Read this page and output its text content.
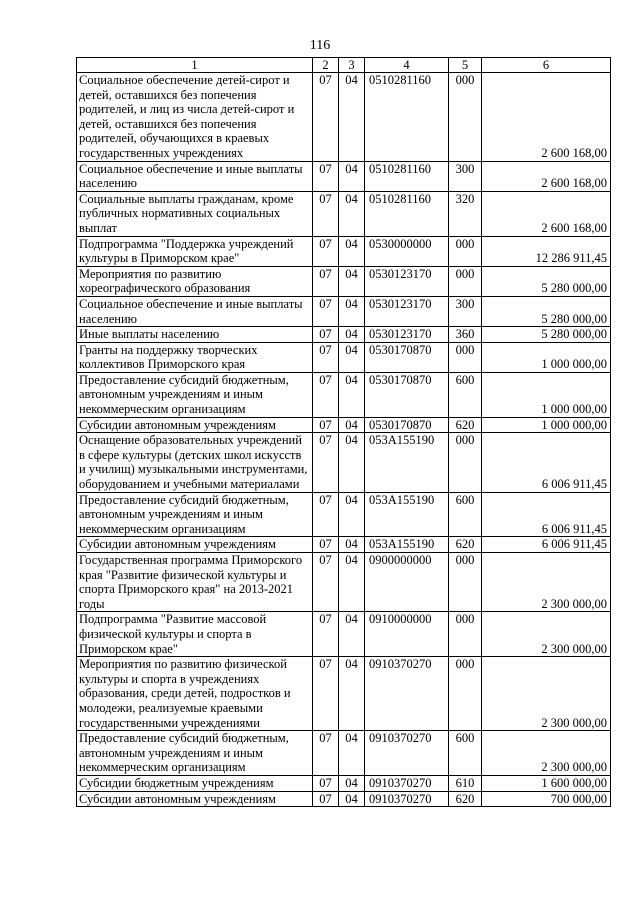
116
1	2	3	4	5	6
Социальное обеспечение детей-сирот и детей, оставшихся без попечения родителей, и лиц из числа детей-сирот и детей, оставшихся без попечения родителей, обучающихся в краевых государственных учреждениях	07	04	0510281160	000	2 600 168,00
Социальное обеспечение и иные выплаты населению	07	04	0510281160	300	2 600 168,00
Социальные выплаты гражданам, кроме публичных нормативных социальных выплат	07	04	0510281160	320	2 600 168,00
Подпрограмма "Поддержка учреждений культуры в Приморском крае"	07	04	0530000000	000	12 286 911,45
Мероприятия по развитию хореографического образования	07	04	0530123170	000	5 280 000,00
Социальное обеспечение и иные выплаты населению	07	04	0530123170	300	5 280 000,00
Иные выплаты населению	07	04	0530123170	360	5 280 000,00
Гранты на поддержку творческих коллективов Приморского края	07	04	0530170870	000	1 000 000,00
Предоставление субсидий бюджетным, автономным учреждениям и иным некоммерческим организациям	07	04	0530170870	600	1 000 000,00
Субсидии автономным учреждениям	07	04	0530170870	620	1 000 000,00
Оснащение образовательных учреждений в сфере культуры (детских школ искусств и училищ) музыкальными инструментами, оборудованием и учебными материалами	07	04	053A155190	000	6 006 911,45
Предоставление субсидий бюджетным, автономным учреждениям и иным некоммерческим организациям	07	04	053A155190	600	6 006 911,45
Субсидии автономным учреждениям	07	04	053A155190	620	6 006 911,45
Государственная программа Приморского края "Развитие физической культуры и спорта Приморского края" на 2013-2021 годы	07	04	0900000000	000	2 300 000,00
Подпрограмма "Развитие массовой физической культуры и спорта в Приморском крае"	07	04	0910000000	000	2 300 000,00
Мероприятия по развитию физической культуры и спорта в учреждениях образования, среди детей, подростков и молодежи, реализуемые краевыми государственными учреждениями	07	04	0910370270	000	2 300 000,00
Предоставление субсидий бюджетным, автономным учреждениям и иным некоммерческим организациям	07	04	0910370270	600	2 300 000,00
Субсидии бюджетным учреждениям	07	04	0910370270	610	1 600 000,00
Субсидии автономным учреждениям	07	04	0910370270	620	700 000,00
